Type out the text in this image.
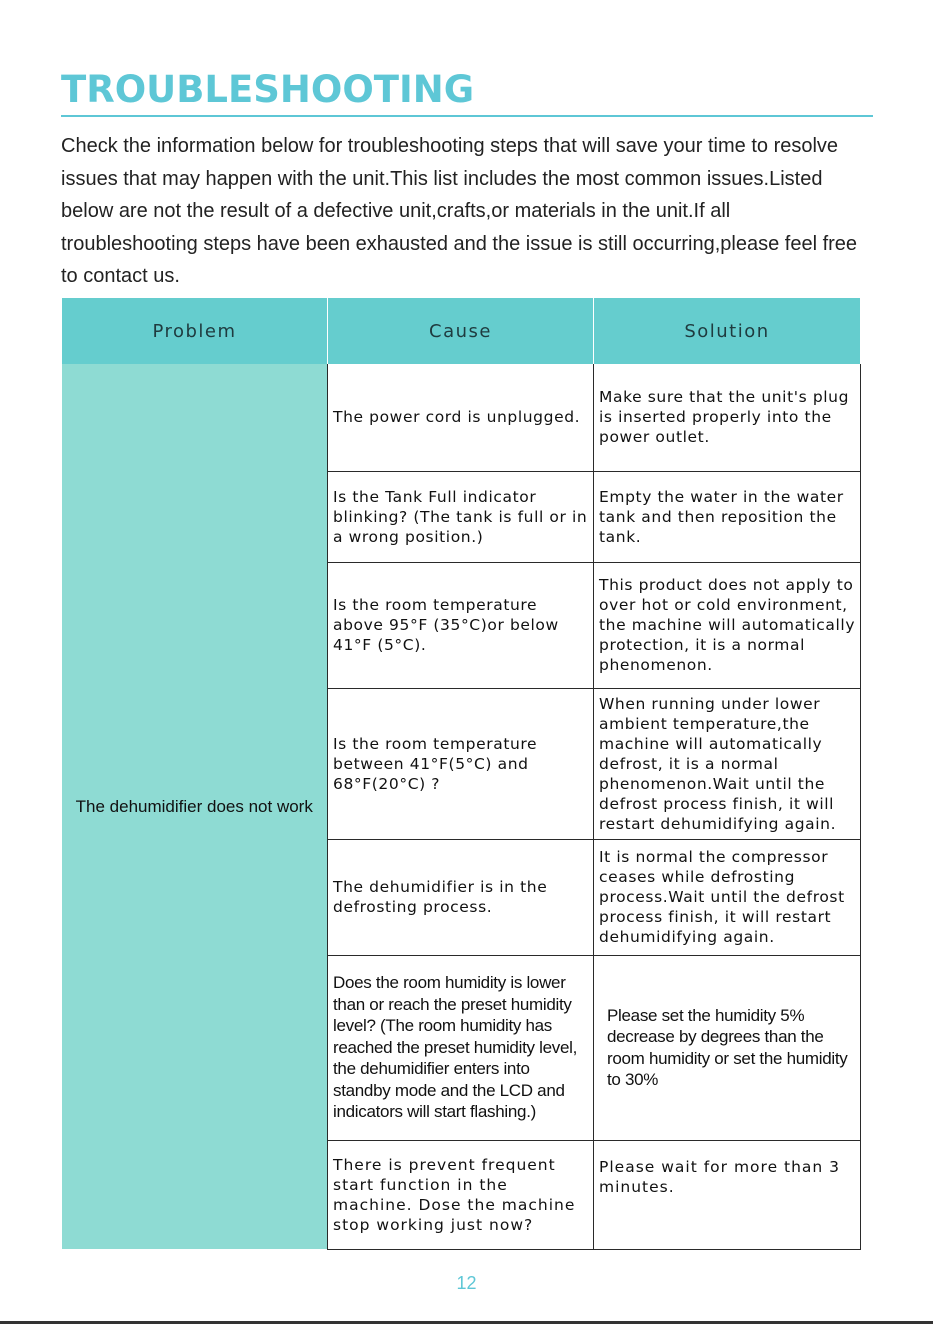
TROUBLESHOOTING
Check the information below for troubleshooting steps that will save your time to resolve issues that may happen with the unit.This list includes the most common issues.Listed below are not the result of a defective unit,crafts,or materials in the unit.If all troubleshooting steps have been exhausted and the issue is still occurring,please feel free to contact us.
Problem	Cause	Solution
The dehumidifier does not work	The power cord is unplugged.	Make sure that the unit's plug is inserted properly into the power outlet.
	Is the Tank Full indicator blinking? (The tank is full or in a wrong position.)	Empty the water in the water tank and then reposition the tank.
	Is the room temperature above 95°F (35°C)or below 41°F (5°C).	This product does not apply to over hot or cold environment, the machine will automatically protection, it is a normal phenomenon.
	Is the room temperature between 41°F(5°C) and 68°F(20°C) ?	When running under lower ambient temperature,the machine will automatically defrost, it is a normal phenomenon.Wait until the defrost process finish, it will restart dehumidifying again.
	The dehumidifier is in the defrosting process.	It is normal the compressor ceases while defrosting process.Wait until the defrost process finish, it will restart dehumidifying again.
	Does the room humidity is lower than or reach the preset humidity level? (The room humidity has reached the preset humidity level, the dehumidifier enters into standby mode and the LCD and indicators will start flashing.)	Please set the humidity 5% decrease by degrees than the room humidity or set the humidity to 30%
	There is prevent frequent start function in the machine. Dose the machine stop working just now?	Please wait for more than 3 minutes.
12
